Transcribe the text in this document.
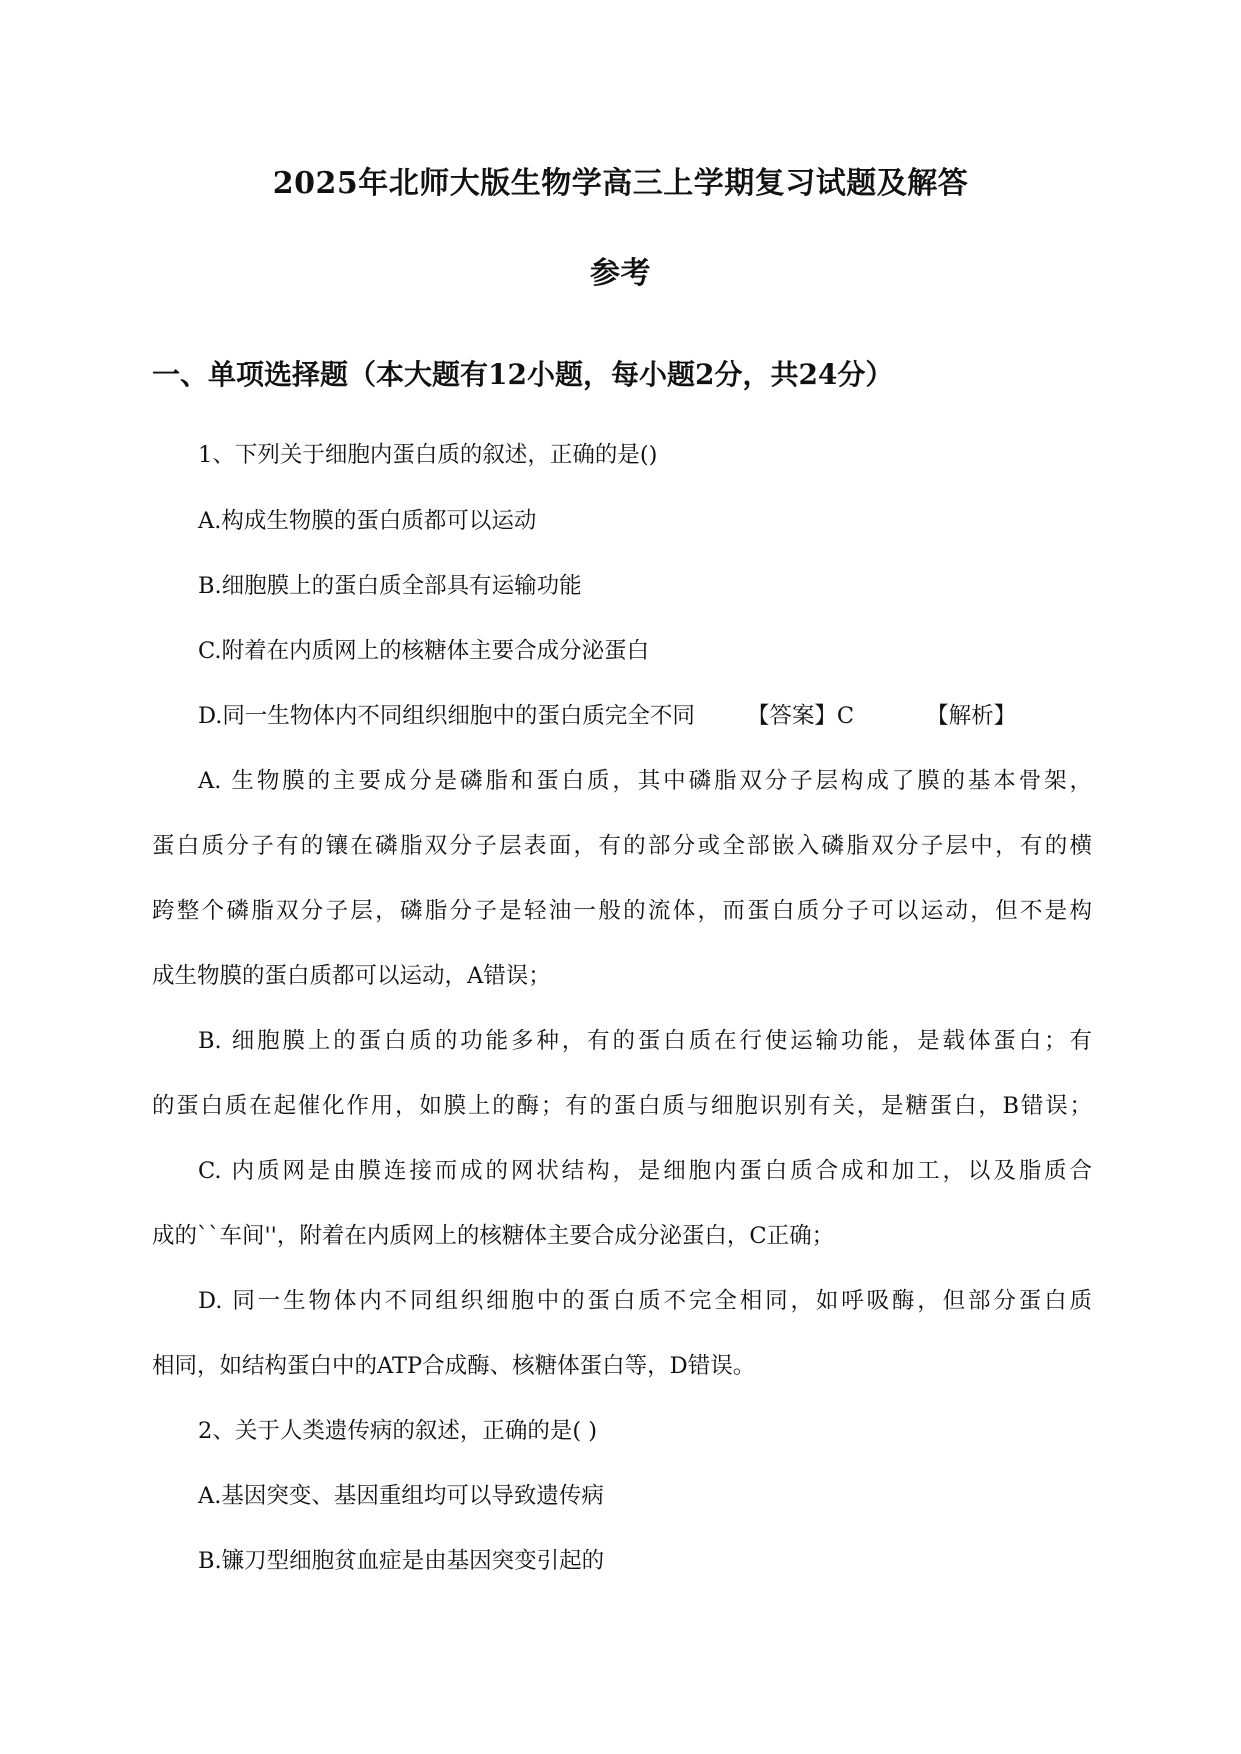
2025年北师大版生物学高三上学期复习试题及解答
参考
一、单项选择题（本大题有12小题，每小题2分，共24分）
1、下列关于细胞内蛋白质的叙述，正确的是()
A.构成生物膜的蛋白质都可以运动
B.细胞膜上的蛋白质全部具有运输功能
C.附着在内质网上的核糖体主要合成分泌蛋白
D.同一生物体内不同组织细胞中的蛋白质完全不同 【答案】C	【解析】
A. 生物膜的主要成分是磷脂和蛋白质，其中磷脂双分子层构成了膜的基本骨架，
蛋白质分子有的镶在磷脂双分子层表面，有的部分或全部嵌入磷脂双分子层中，有的横
跨整个磷脂双分子层，磷脂分子是轻油一般的流体，而蛋白质分子可以运动，但不是构
成生物膜的蛋白质都可以运动，A错误；
B. 细胞膜上的蛋白质的功能多种，有的蛋白质在行使运输功能，是载体蛋白；有
的蛋白质在起催化作用，如膜上的酶；有的蛋白质与细胞识别有关，是糖蛋白，B错误；
C. 内质网是由膜连接而成的网状结构，是细胞内蛋白质合成和加工，以及脂质合
成的``车间''，附着在内质网上的核糖体主要合成分泌蛋白，C正确；
D. 同一生物体内不同组织细胞中的蛋白质不完全相同，如呼吸酶，但部分蛋白质
相同，如结构蛋白中的ATP合成酶、核糖体蛋白等，D错误。
2、关于人类遗传病的叙述，正确的是( )
A.基因突变、基因重组均可以导致遗传病
B.镰刀型细胞贫血症是由基因突变引起的
